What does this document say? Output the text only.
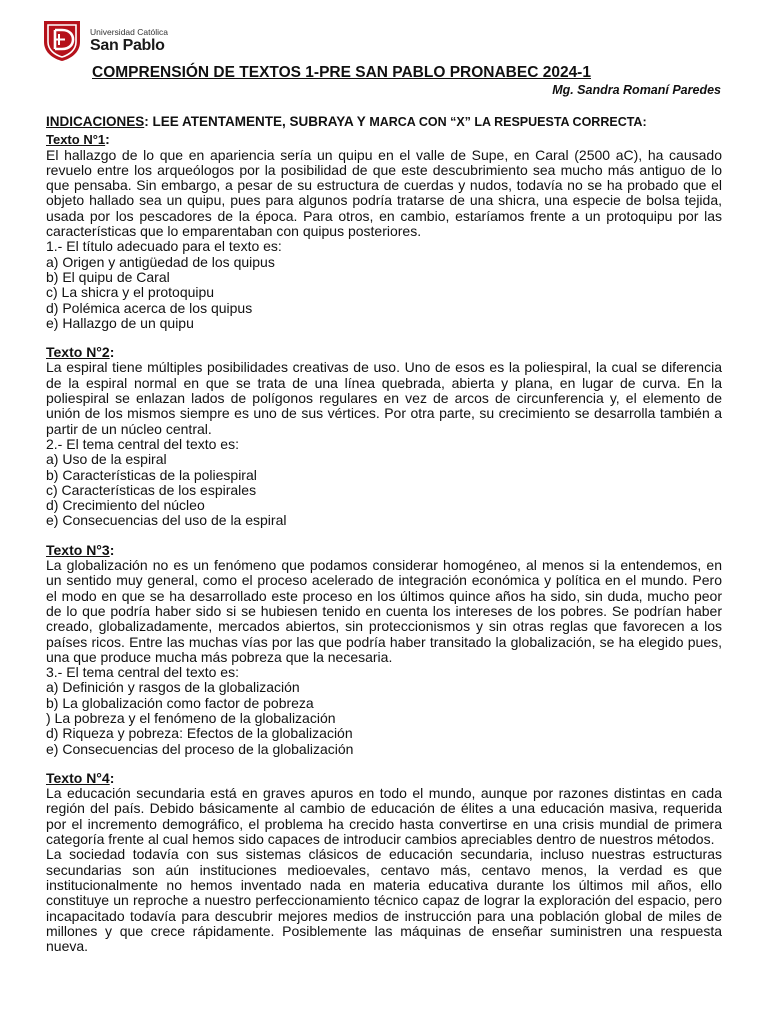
Universidad Católica
San Pablo
COMPRENSIÓN DE TEXTOS 1-PRE SAN PABLO PRONABEC 2024-1
Mg. Sandra Romaní Paredes

INDICACIONES: LEE ATENTAMENTE, SUBRAYA Y MARCA CON “X” LA RESPUESTA CORRECTA:

Texto N°1:

El hallazgo de lo que en apariencia sería un quipu en el valle de Supe, en Caral (2500 aC), ha causado revuelo entre los arqueólogos por la posibilidad de que este descubrimiento sea mucho más antiguo de lo que pensaba. Sin embargo, a pesar de su estructura de cuerdas y nudos, todavía no se ha probado que el objeto hallado sea un quipu, pues para algunos podría tratarse de una shicra, una especie de bolsa tejida, usada por los pescadores de la época. Para otros, en cambio, estaríamos frente a un protoquipu por las características que lo emparentaban con quipus posteriores.

1.- El título adecuado para el texto es:

a) Origen y antigüedad de los quipus

b) El quipu de Caral

c) La shicra y el protoquipu

d) Polémica acerca de los quipus

e) Hallazgo de un quipu

Texto N°2:

La espiral tiene múltiples posibilidades creativas de uso. Uno de esos es la poliespiral, la cual se diferencia de la espiral normal en que se trata de una línea quebrada, abierta y plana, en lugar de curva. En la poliespiral se enlazan lados de polígonos regulares en vez de arcos de circunferencia y, el elemento de unión de los mismos siempre es uno de sus vértices. Por otra parte, su crecimiento se desarrolla también a partir de un núcleo central.

2.- El tema central del texto es:

a) Uso de la espiral

b) Características de la poliespiral

c) Características de los espirales

d) Crecimiento del núcleo

e) Consecuencias del uso de la espiral

Texto N°3:

La globalización no es un fenómeno que podamos considerar homogéneo, al menos si la entendemos, en un sentido muy general, como el proceso acelerado de integración económica y política en el mundo. Pero el modo en que se ha desarrollado este proceso en los últimos quince años ha sido, sin duda, mucho peor de lo que podría haber sido si se hubiesen tenido en cuenta los intereses de los pobres. Se podrían haber creado, globalizadamente, mercados abiertos, sin proteccionismos y sin otras reglas que favorecen a los países ricos. Entre las muchas vías por las que podría haber transitado la globalización, se ha elegido pues, una que produce mucha más pobreza que la necesaria.

3.- El tema central del texto es:

a) Definición y rasgos de la globalización

b) La globalización como factor de pobreza

) La pobreza y el fenómeno de la globalización

d) Riqueza y pobreza: Efectos de la globalización

e) Consecuencias del proceso de la globalización

Texto N°4:

La educación secundaria está en graves apuros en todo el mundo, aunque por razones distintas en cada región del país. Debido básicamente al cambio de educación de élites a una educación masiva, requerida por el incremento demográfico, el problema ha crecido hasta convertirse en una crisis mundial de primera categoría frente al cual hemos sido capaces de introducir cambios apreciables dentro de nuestros métodos.

La sociedad todavía con sus sistemas clásicos de educación secundaria, incluso nuestras estructuras secundarias son aún instituciones medioevales, centavo más, centavo menos, la verdad es que institucionalmente no hemos inventado nada en materia educativa durante los últimos mil años, ello constituye un reproche a nuestro perfeccionamiento técnico capaz de lograr la exploración del espacio, pero incapacitado todavía para descubrir mejores medios de instrucción para una población global de miles de millones y que crece rápidamente. Posiblemente las máquinas de enseñar suministren una respuesta nueva.
